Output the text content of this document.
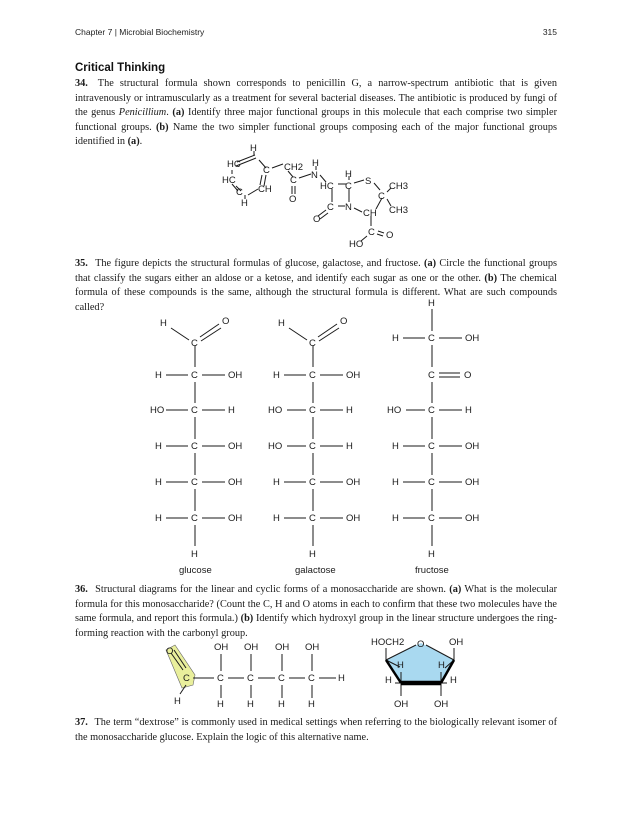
Chapter 7 | Microbial Biochemistry	315
Critical Thinking
34. The structural formula shown corresponds to penicillin G, a narrow-spectrum antibiotic that is given intravenously or intramuscularly as a treatment for several bacterial diseases. The antibiotic is produced by fungi of the genus Penicillium. (a) Identify three major functional groups in this molecule that each comprise two simpler functional groups. (b) Name the two simpler functional groups composing each of the major functional groups identified in (a).
H
HC
C
HC
C CH
H
CH2
C
O
H
N
HC
H
C S
C
CH3
CH3
C N
CH
O
C O
HO
35. The figure depicts the structural formulas of glucose, galactose, and fructose. (a) Circle the functional groups that classify the sugars either an aldose or a ketose, and identify each sugar as one or the other. (b) The chemical formula of these compounds is the same, although the structural formula is different. What are such compounds called?
H	O
C
H	C	OH
HO	C	H
H	C	OH
H	C	OH
H	C	OH
H
glucose
H	O
C
H	C	OH
HO	C	H
HO	C	H
H	C	OH
H	C	OH
H
galactose
H
H	C	OH
C	O
HO	C	H
H	C	OH
H	C	OH
H	C	OH
H
fructose
36. Structural diagrams for the linear and cyclic forms of a monosaccharide are shown. (a) What is the molecular formula for this monosaccharide? (Count the C, H and O atoms in each to confirm that these two molecules have the same formula, and report this formula.) (b) Identify which hydroxyl group in the linear structure undergoes the ring-forming reaction with the carbonyl group.
O
C
H
OH OH OH OH
C C	C C H
H H	H H
HOCH2 O	OH
H	H
H	H
OH	OH
37. The term “dextrose” is commonly used in medical settings when referring to the biologically relevant isomer of the monosaccharide glucose. Explain the logic of this alternative name.
